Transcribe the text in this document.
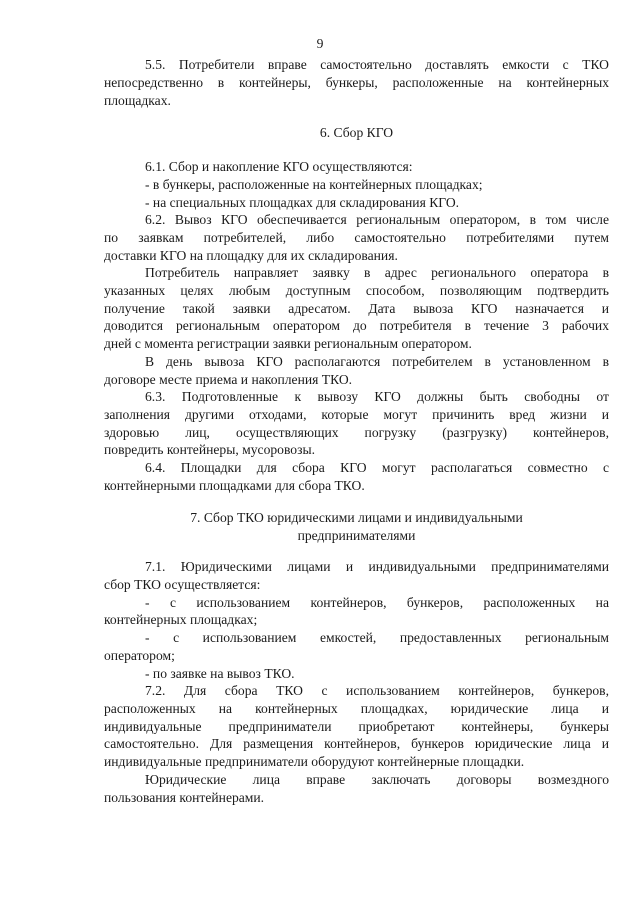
9
5.5. Потребители вправе самостоятельно доставлять емкости с ТКО
непосредственно в контейнеры, бункеры, расположенные на контейнерных
площадках.
6. Сбор КГО
6.1. Сбор и накопление КГО осуществляются:
- в бункеры, расположенные на контейнерных площадках;
- на специальных площадках для складирования КГО.
6.2. Вывоз КГО обеспечивается региональным оператором, в том числе
по заявкам потребителей, либо самостоятельно потребителями путем
доставки КГО на площадку для их складирования.
Потребитель направляет заявку в адрес регионального оператора в
указанных целях любым доступным способом, позволяющим подтвердить
получение такой заявки адресатом. Дата вывоза КГО назначается и
доводится региональным оператором до потребителя в течение 3 рабочих
дней с момента регистрации заявки региональным оператором.
В день вывоза КГО располагаются потребителем в установленном в
договоре месте приема и накопления ТКО.
6.3. Подготовленные к вывозу КГО должны быть свободны от
заполнения другими отходами, которые могут причинить вред жизни и
здоровью лиц, осуществляющих погрузку (разгрузку) контейнеров,
повредить контейнеры, мусоровозы.
6.4. Площадки для сбора КГО могут располагаться совместно с
контейнерными площадками для сбора ТКО.
7. Сбор ТКО юридическими лицами и индивидуальными
предпринимателями
7.1. Юридическими лицами и индивидуальными предпринимателями
сбор ТКО осуществляется:
- с использованием контейнеров, бункеров, расположенных на
контейнерных площадках;
- с использованием емкостей, предоставленных региональным
оператором;
- по заявке на вывоз ТКО.
7.2. Для сбора ТКО с использованием контейнеров, бункеров,
расположенных на контейнерных площадках, юридические лица и
индивидуальные предприниматели приобретают контейнеры, бункеры
самостоятельно. Для размещения контейнеров, бункеров юридические лица и
индивидуальные предприниматели оборудуют контейнерные площадки.
Юридические лица вправе заключать договоры возмездного
пользования контейнерами.
